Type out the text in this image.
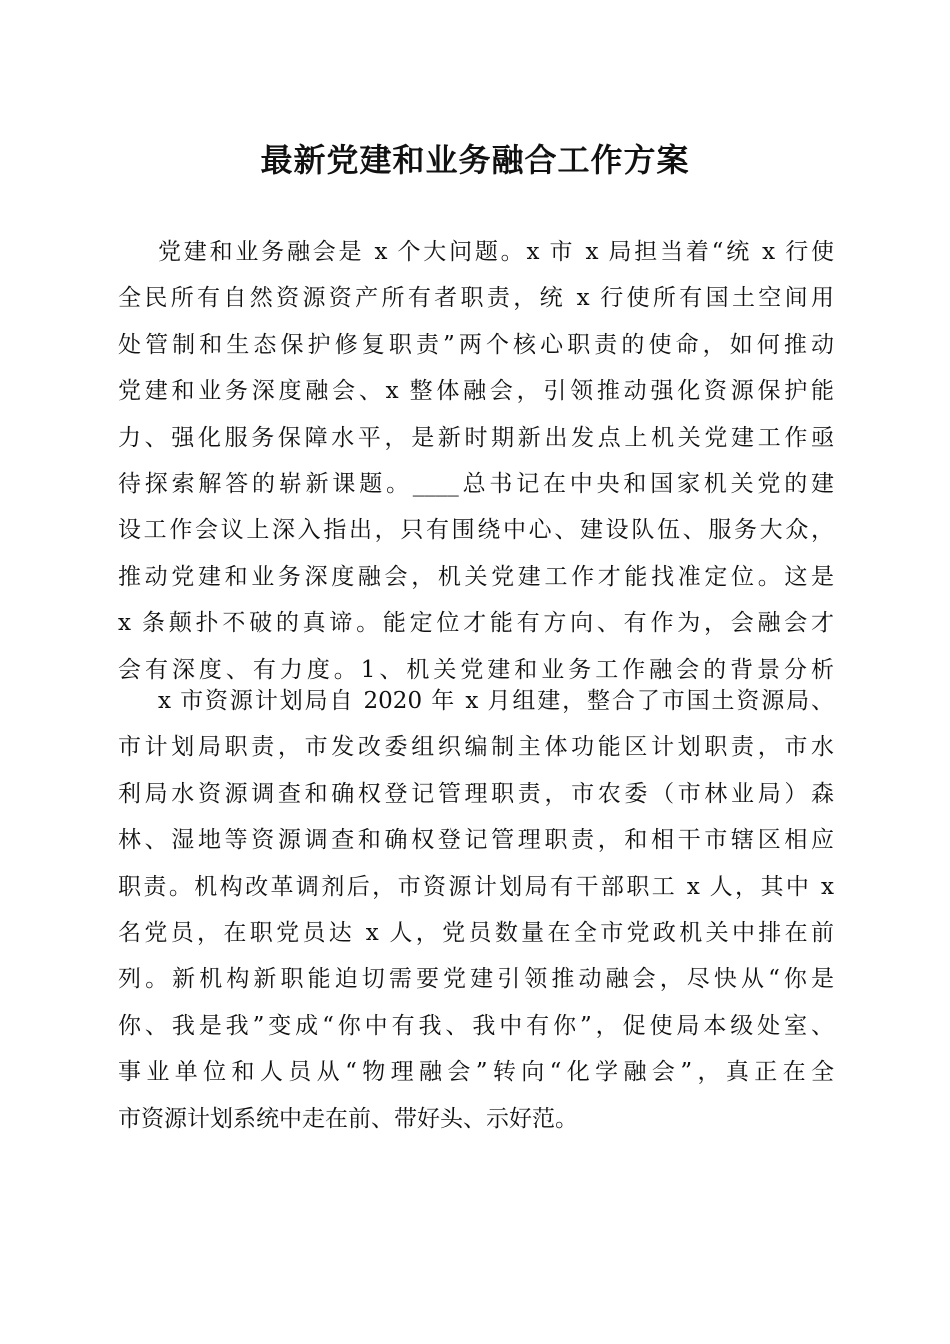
最新党建和业务融合工作方案
党建和业务融会是 x 个大问题。x 市 x 局担当着“统 x 行使
全民所有自然资源资产所有者职责，统 x 行使所有国土空间用
处管制和生态保护修复职责”两个核心职责的使命，如何推动
党建和业务深度融会、x 整体融会，引领推动强化资源保护能
力、强化服务保障水平，是新时期新出发点上机关党建工作亟
待探索解答的崭新课题。____总书记在中央和国家机关党的建
设工作会议上深入指出，只有围绕中心、建设队伍、服务大众，
推动党建和业务深度融会，机关党建工作才能找准定位。这是
x 条颠扑不破的真谛。能定位才能有方向、有作为，会融会才
会有深度、有力度。1、机关党建和业务工作融会的背景分析
x 市资源计划局自 2020 年 x 月组建，整合了市国土资源局、
市计划局职责，市发改委组织编制主体功能区计划职责，市水
利局水资源调查和确权登记管理职责，市农委（市林业局）森
林、湿地等资源调查和确权登记管理职责，和相干市辖区相应
职责。机构改革调剂后，市资源计划局有干部职工 x 人，其中 x
名党员，在职党员达 x 人，党员数量在全市党政机关中排在前
列。新机构新职能迫切需要党建引领推动融会，尽快从“你是
你、我是我”变成“你中有我、我中有你”，促使局本级处室、
事业单位和人员从“物理融会”转向“化学融会”，真正在全
市资源计划系统中走在前、带好头、示好范。
